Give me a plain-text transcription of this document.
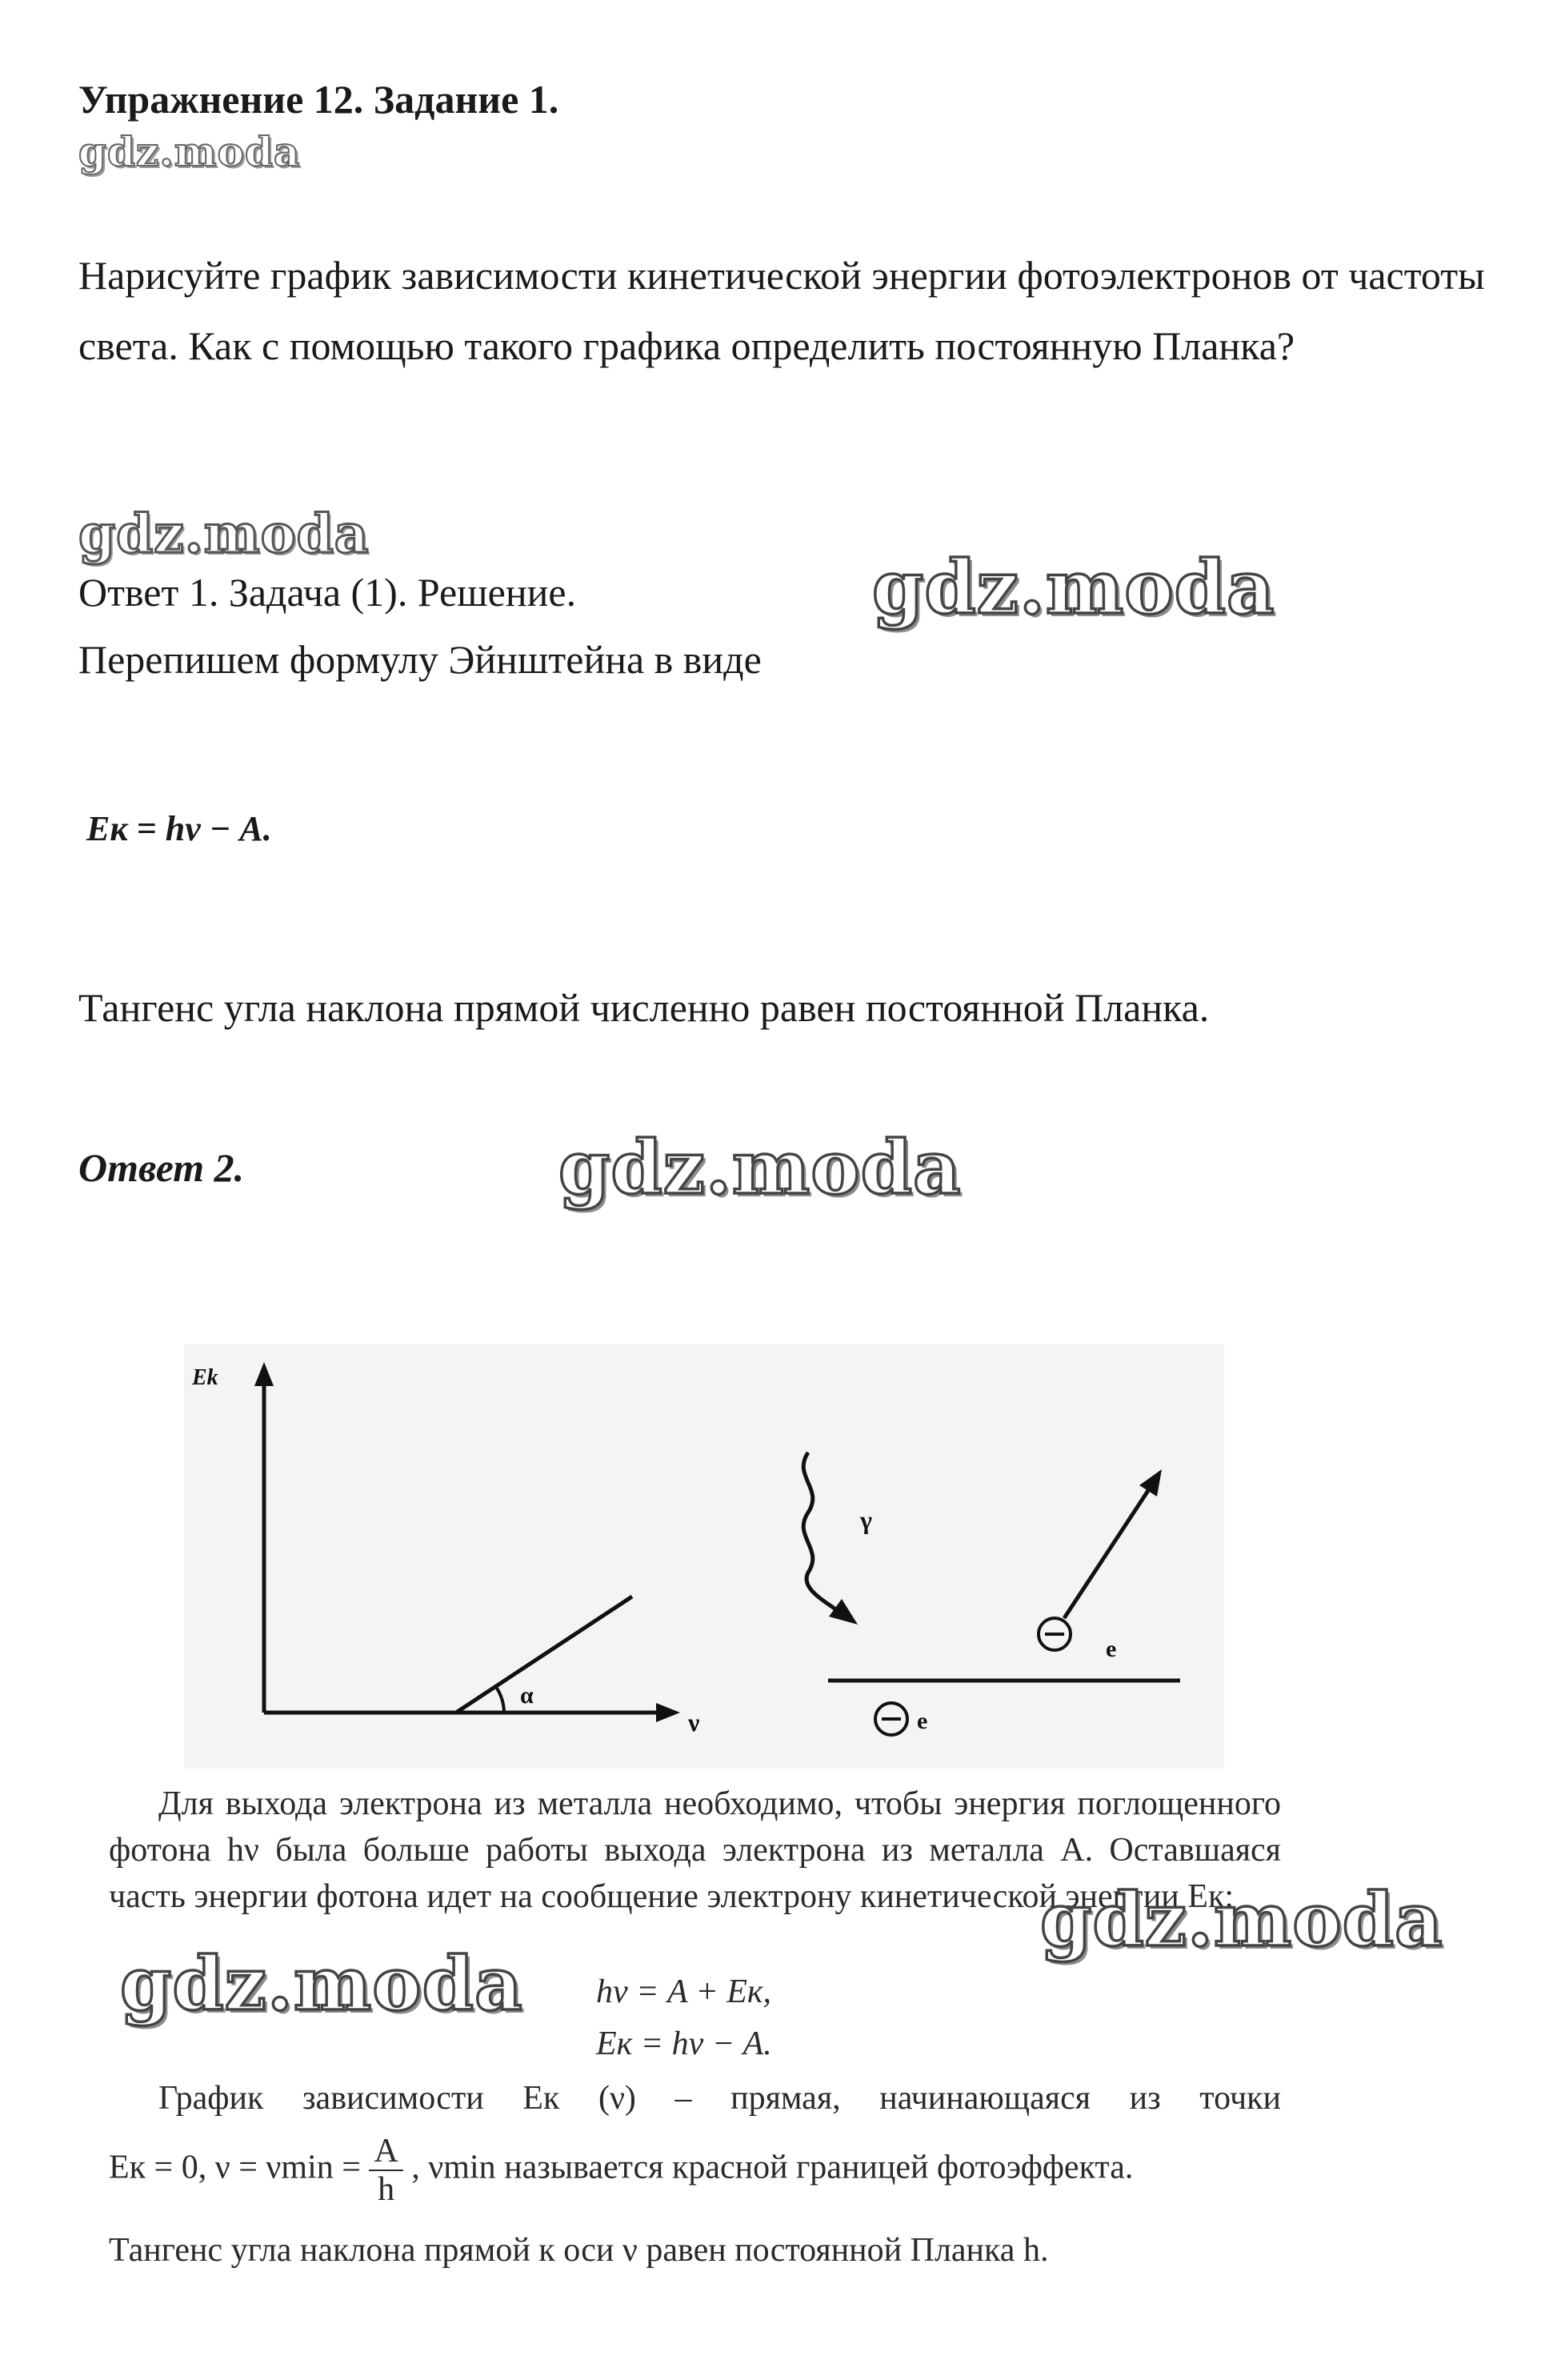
Упражнение 12. Задание 1.
gdz.moda
Нарисуйте график зависимости кинетической энергии фотоэлектронов от частоты света. Как с помощью такого графика определить постоянную Планка?
gdz.moda
Ответ 1. Задача (1). Решение.
Перепишем формулу Эйнштейна в виде
gdz.moda
Eк = hν − A.
Тангенс угла наклона прямой численно равен постоянной Планка.
Ответ 2.	gdz.moda
α
Ek
ν
γ
e
e
Для выхода электрона из металла необходимо, чтобы энергия поглощенного фотона hν была больше работы выхода электрона из металла A. Оставшаяся часть энергии фотона идет на сообщение электрону кинетической энергии Eк:
gdz.moda
gdz.moda hν = A + Eк,
Eк = hν − A.
График зависимости Eк (ν) – прямая, начинающаяся из точки
Eк = 0, $\nu = \nu\min = \frac{A}{h}$ , νmin называется красной границей фотоэффекта.
Тангенс угла наклона прямой к оси ν равен постоянной Планка h.
